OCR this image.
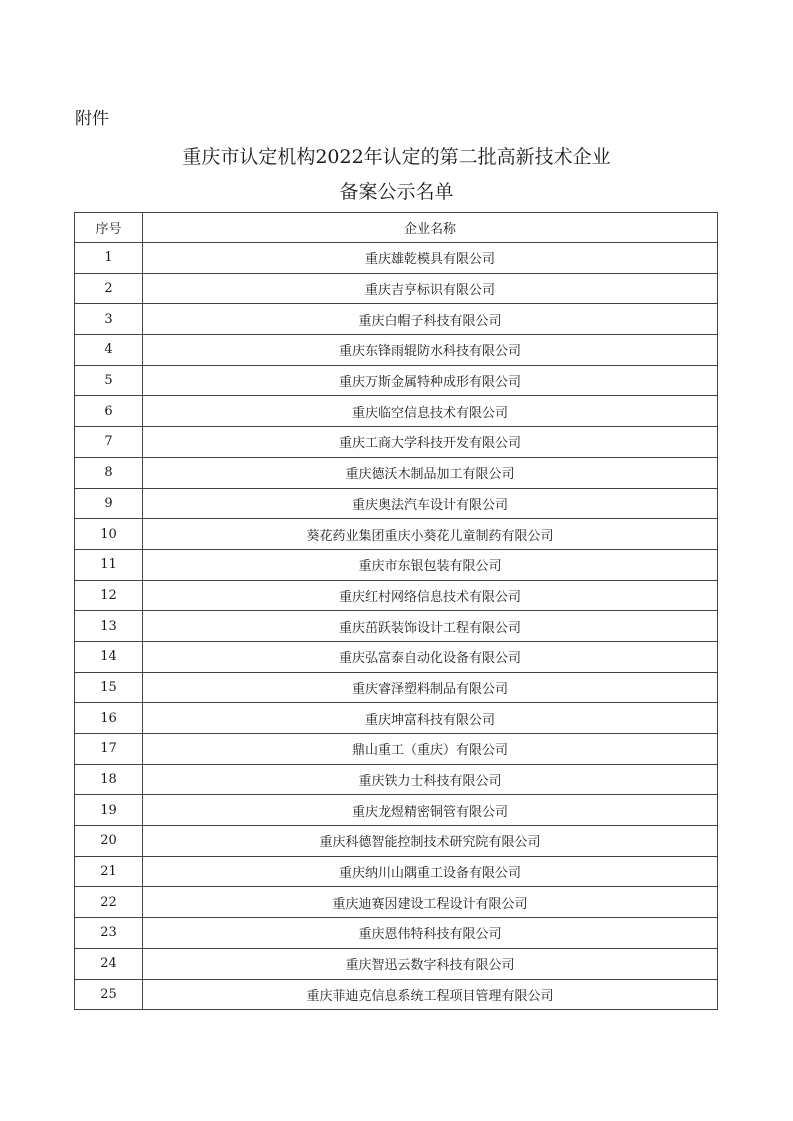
附件
重庆市认定机构2022年认定的第二批高新技术企业
备案公示名单
序号	企业名称
1	重庆雄乾模具有限公司
2	重庆吉亨标识有限公司
3	重庆白帽子科技有限公司
4	重庆东锋雨辊防水科技有限公司
5	重庆万斯金属特种成形有限公司
6	重庆临空信息技术有限公司
7	重庆工商大学科技开发有限公司
8	重庆德沃木制品加工有限公司
9	重庆奥法汽车设计有限公司
10	葵花药业集团重庆小葵花儿童制药有限公司
11	重庆市东银包装有限公司
12	重庆红村网络信息技术有限公司
13	重庆茁跃装饰设计工程有限公司
14	重庆弘富泰自动化设备有限公司
15	重庆睿泽塑料制品有限公司
16	重庆坤富科技有限公司
17	鼎山重工（重庆）有限公司
18	重庆铁力士科技有限公司
19	重庆龙煜精密铜管有限公司
20	重庆科德智能控制技术研究院有限公司
21	重庆纳川山隅重工设备有限公司
22	重庆迪赛因建设工程设计有限公司
23	重庆恩伟特科技有限公司
24	重庆智迅云数字科技有限公司
25	重庆菲迪克信息系统工程项目管理有限公司
